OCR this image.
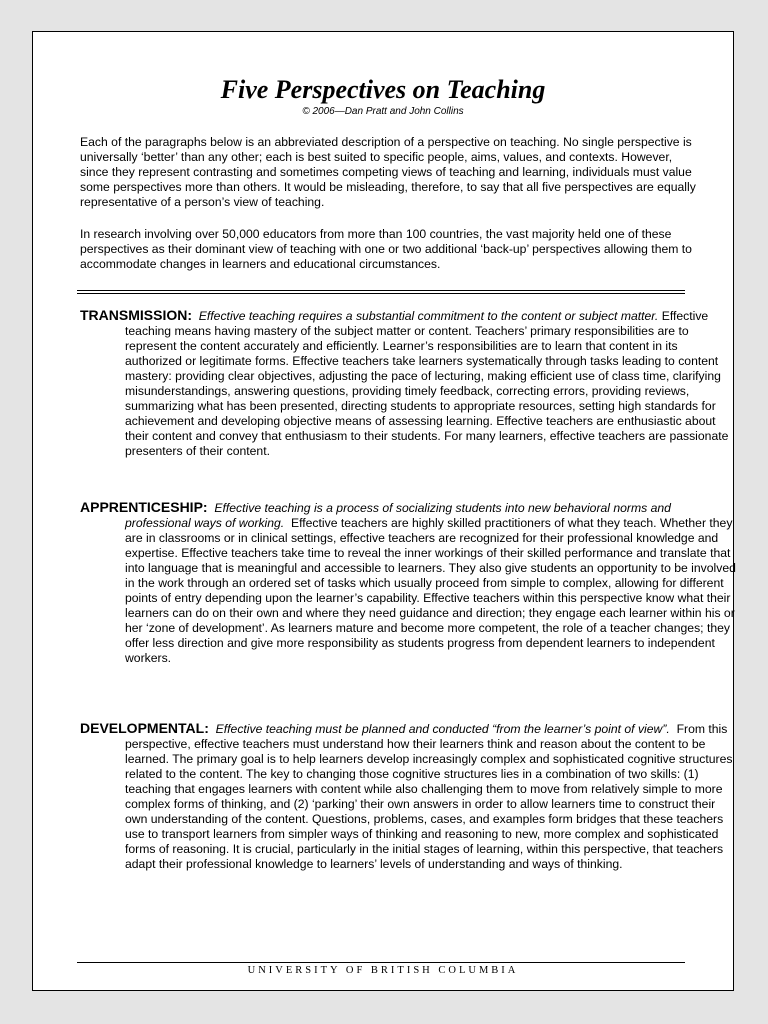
Five Perspectives on Teaching
© 2006—Dan Pratt and John Collins

Each of the paragraphs below is an abbreviated description of a perspective on teaching. No single perspective is universally ‘better’ than any other; each is best suited to specific people, aims, values, and contexts. However, since they represent contrasting and sometimes competing views of teaching and learning, individuals must value some perspectives more than others. It would be misleading, therefore, to say that all five perspectives are equally representative of a person’s view of teaching.

In research involving over 50,000 educators from more than 100 countries, the vast majority held one of these perspectives as their dominant view of teaching with one or two additional ‘back-up’ perspectives allowing them to accommodate changes in learners and educational circumstances.

TRANSMISSION: Effective teaching requires a substantial commitment to the content or subject matter. Effective teaching means having mastery of the subject matter or content. Teachers’ primary responsibilities are to represent the content accurately and efficiently. Learner’s responsibilities are to learn that content in its authorized or legitimate forms. Effective teachers take learners systematically through tasks leading to content mastery: providing clear objectives, adjusting the pace of lecturing, making efficient use of class time, clarifying misunderstandings, answering questions, providing timely feedback, correcting errors, providing reviews, summarizing what has been presented, directing students to appropriate resources, setting high standards for achievement and developing objective means of assessing learning. Effective teachers are enthusiastic about their content and convey that enthusiasm to their students. For many learners, effective teachers are passionate presenters of their content.

APPRENTICESHIP: Effective teaching is a process of socializing students into new behavioral norms and professional ways of working. Effective teachers are highly skilled practitioners of what they teach. Whether they are in classrooms or in clinical settings, effective teachers are recognized for their professional knowledge and expertise. Effective teachers take time to reveal the inner workings of their skilled performance and translate that into language that is meaningful and accessible to learners. They also give students an opportunity to be involved in the work through an ordered set of tasks which usually proceed from simple to complex, allowing for different points of entry depending upon the learner’s capability. Effective teachers within this perspective know what their learners can do on their own and where they need guidance and direction; they engage each learner within his or her ‘zone of development’. As learners mature and become more competent, the role of a teacher changes; they offer less direction and give more responsibility as students progress from dependent learners to independent workers.

DEVELOPMENTAL: Effective teaching must be planned and conducted “from the learner’s point of view”. From this perspective, effective teachers must understand how their learners think and reason about the content to be learned. The primary goal is to help learners develop increasingly complex and sophisticated cognitive structures related to the content. The key to changing those cognitive structures lies in a combination of two skills: (1) teaching that engages learners with content while also challenging them to move from relatively simple to more complex forms of thinking, and (2) ‘parking’ their own answers in order to allow learners time to construct their own understanding of the content. Questions, problems, cases, and examples form bridges that these teachers use to transport learners from simpler ways of thinking and reasoning to new, more complex and sophisticated forms of reasoning. It is crucial, particularly in the initial stages of learning, within this perspective, that teachers adapt their professional knowledge to learners’ levels of understanding and ways of thinking.

UNIVERSITY OF BRITISH COLUMBIA
